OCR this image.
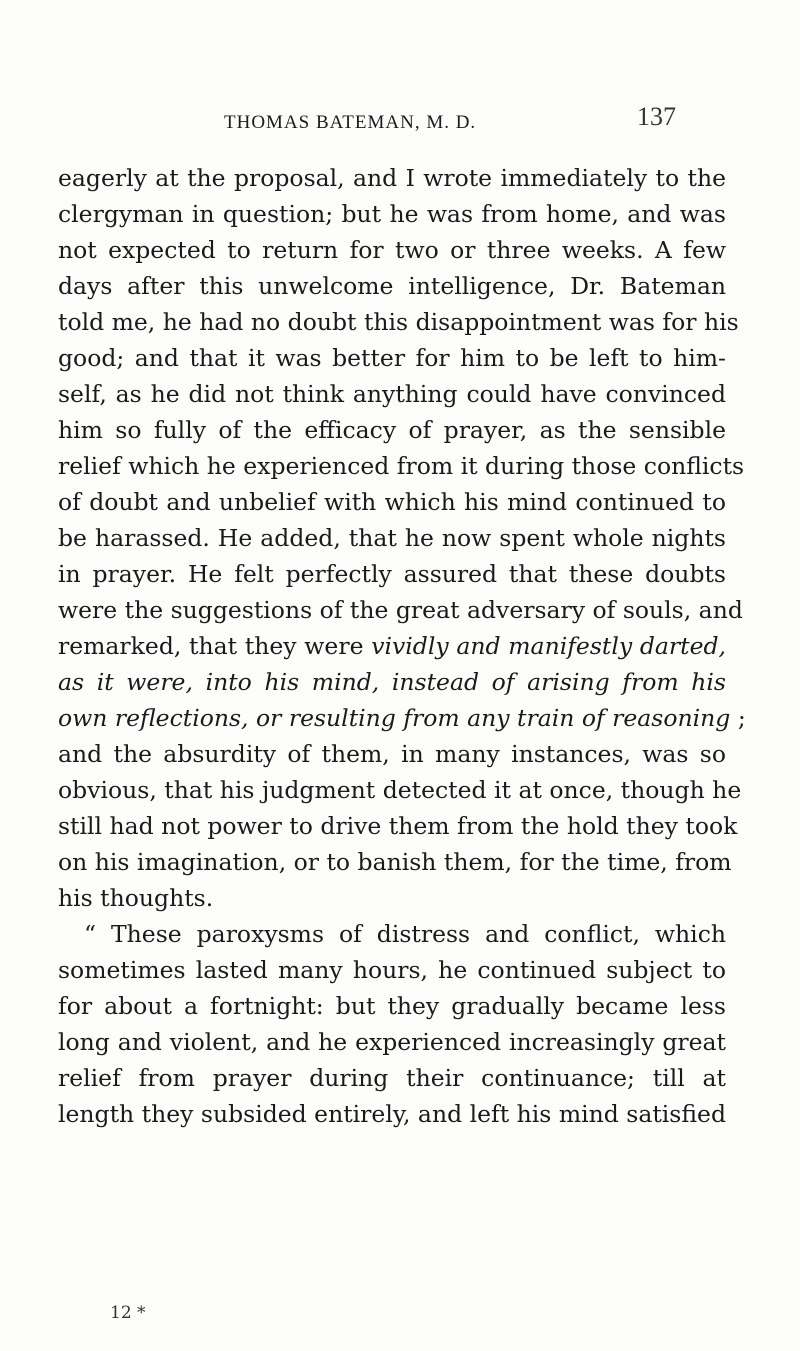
THOMAS BATEMAN, M. D.	137
eagerly at the proposal, and I wrote immediately to the
clergyman in question; but he was from home, and was
not expected to return for two or three weeks. A few
days after this unwelcome intelligence, Dr. Bateman
told me, he had no doubt this disappointment was for his
good; and that it was better for him to be left to him-
self, as he did not think anything could have convinced
him so fully of the efficacy of prayer, as the sensible
relief which he experienced from it during those conflicts
of doubt and unbelief with which his mind continued to
be harassed. He added, that he now spent whole nights
in prayer. He felt perfectly assured that these doubts
were the suggestions of the great adversary of souls, and
remarked, that they were vividly and manifestly darted,
as it were, into his mind, instead of arising from his
own reflections, or resulting from any train of reasoning ;
and the absurdity of them, in many instances, was so
obvious, that his judgment detected it at once, though he
still had not power to drive them from the hold they took
on his imagination, or to banish them, for the time, from
his thoughts.
“ These paroxysms of distress and conflict, which
sometimes lasted many hours, he continued subject to
for about a fortnight: but they gradually became less
long and violent, and he experienced increasingly great
relief from prayer during their continuance; till at
length they subsided entirely, and left his mind satisfied
12 *
